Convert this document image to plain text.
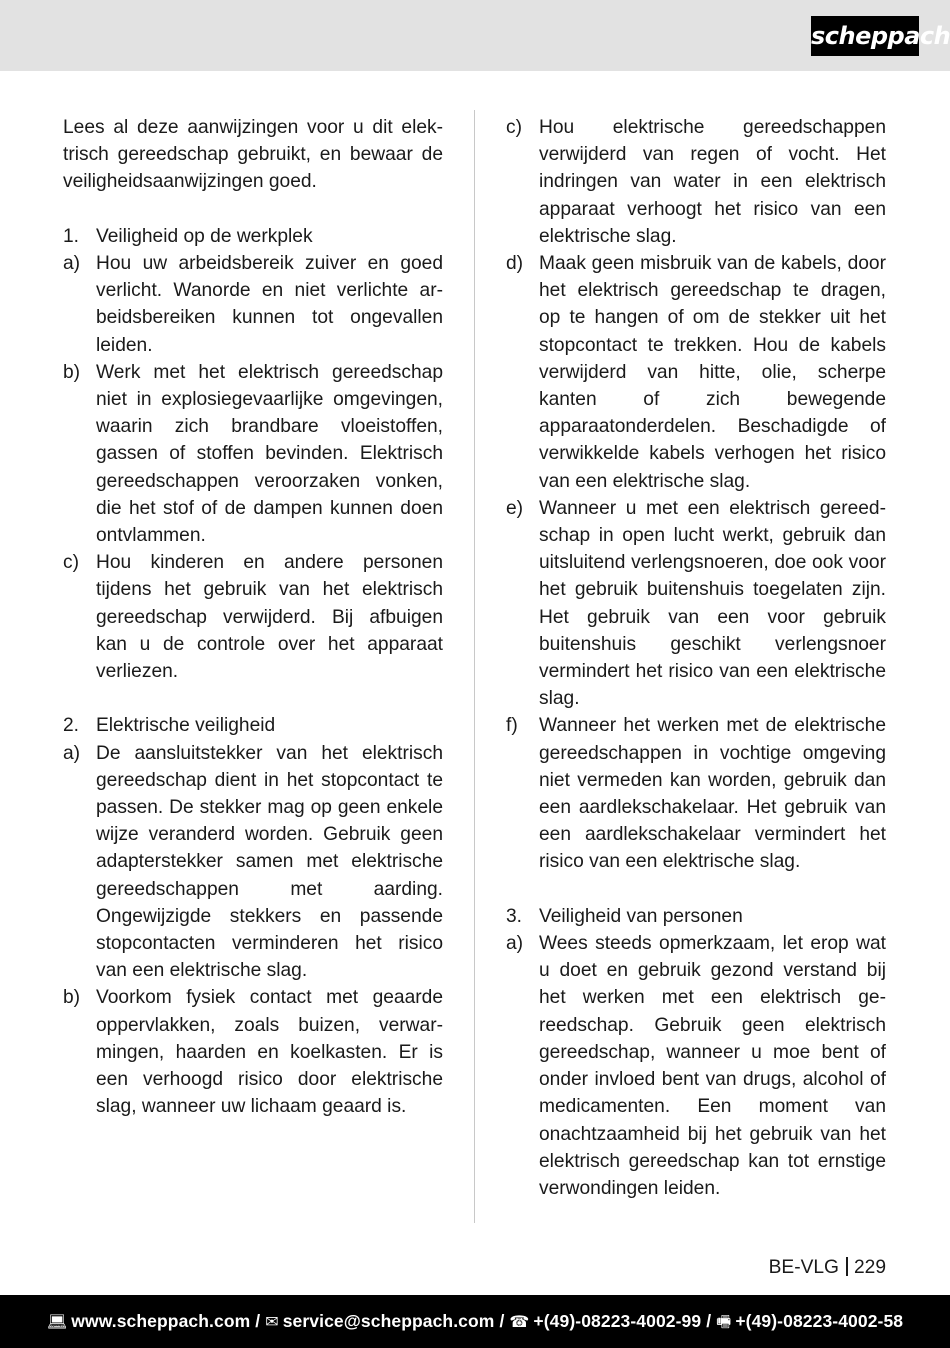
scheppach

Lees al deze aanwijzingen voor u dit elektrisch gereedschap gebruikt, en bewaar de veiligheidsaanwijzingen goed.

1. Veiligheid op de werkplek
a) Hou uw arbeidsbereik zuiver en goed verlicht. Wanorde en niet verlichte arbeidsbereiken kunnen tot ongevallen leiden.
b) Werk met het elektrisch gereedschap niet in explosiegevaarlijke omgevingen, waarin zich brandbare vloeistoffen, gassen of stoffen bevinden. Elektrisch gereedschappen veroorzaken vonken, die het stof of de dampen kunnen doen ontvlammen.
c) Hou kinderen en andere personen tijdens het gebruik van het elektrisch gereedschap verwijderd. Bij afbuigen kan u de controle over het apparaat verliezen.
2. Elektrische veiligheid
a) De aansluitstekker van het elektrisch gereedschap dient in het stopcontact te passen. De stekker mag op geen enkele wijze veranderd worden. Gebruik geen adapterstekker samen met elektrische gereedschappen met aarding. Ongewijzigde stekkers en passende stopcontacten verminderen het risico van een elektrische slag.
b) Voorkom fysiek contact met geaarde oppervlakken, zoals buizen, verwarmingen, haarden en koelkasten. Er is een verhoogd risico door elektrische slag, wanneer uw lichaam geaard is.
c) Hou elektrische gereedschappen verwijderd van regen of vocht. Het indringen van water in een elektrisch apparaat verhoogt het risico van een elektrische slag.
d) Maak geen misbruik van de kabels, door het elektrisch gereedschap te dragen, op te hangen of om de stekker uit het stopcontact te trekken. Hou de kabels verwijderd van hitte, olie, scherpe kanten of zich bewegende apparaatonderdelen. Beschadigde of verwikkelde kabels verhogen het risico van een elektrische slag.
e) Wanneer u met een elektrisch gereedschap in open lucht werkt, gebruik dan uitsluitend verlengsnoeren, doe ook voor het gebruik buitenshuis toegelaten zijn. Het gebruik van een voor gebruik buitenshuis geschikt verlengsnoer vermindert het risico van een elektrische slag.
f)	Wanneer het werken met de elektrische gereedschappen in vochtige omgeving niet vermeden kan worden, gebruik dan een aardlekschakelaar. Het gebruik van een aardlekschakelaar vermindert het risico van een elektrische slag.
3. Veiligheid van personen
a) Wees steeds opmerkzaam, let erop wat u doet en gebruik gezond verstand bij het werken met een elektrisch gereedschap. Gebruik geen elektrisch gereedschap, wanneer u moe bent of onder invloed bent van drugs, alcohol of medicamenten. Een moment van onachtzaamheid bij het gebruik van het elektrisch gereedschap kan tot ernstige verwondingen leiden.
BE-VLG 229
💻︎ www.scheppach.com / ✉ service@scheppach.com / ☎ +(49)-08223-4002-99 / 🖷︎ +(49)-08223-4002-58
